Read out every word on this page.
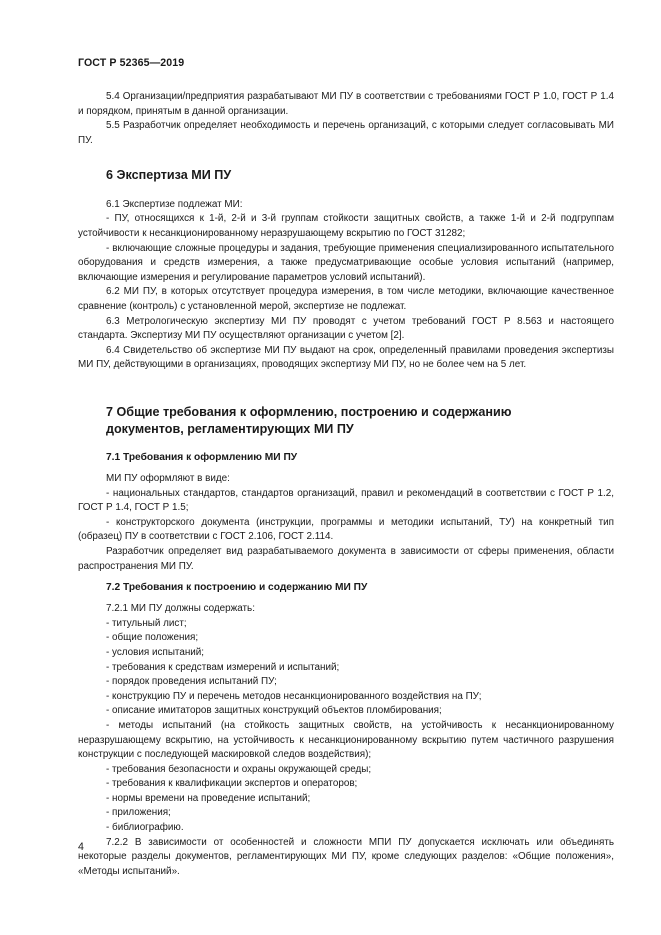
ГОСТ Р 52365—2019

5.4 Организации/предприятия разрабатывают МИ ПУ в соответствии с требованиями ГОСТ Р 1.0, ГОСТ Р 1.4 и порядком, принятым в данной организации.

5.5 Разработчик определяет необходимость и перечень организаций, с которыми следует согласовывать МИ ПУ.

6 Экспертиза МИ ПУ

6.1 Экспертизе подлежат МИ:

- ПУ, относящихся к 1-й, 2-й и 3-й группам стойкости защитных свойств, а также 1-й и 2-й подгруппам устойчивости к несанкционированному неразрушающему вскрытию по ГОСТ 31282;

- включающие сложные процедуры и задания, требующие применения специализированного испытательного оборудования и средств измерения, а также предусматривающие особые условия испытаний (например, включающие измерения и регулирование параметров условий испытаний).

6.2 МИ ПУ, в которых отсутствует процедура измерения, в том числе методики, включающие качественное сравнение (контроль) с установленной мерой, экспертизе не подлежат.

6.3 Метрологическую экспертизу МИ ПУ проводят с учетом требований ГОСТ Р 8.563 и настоящего стандарта. Экспертизу МИ ПУ осуществляют организации с учетом [2].

6.4 Свидетельство об экспертизе МИ ПУ выдают на срок, определенный правилами проведения экспертизы МИ ПУ, действующими в организациях, проводящих экспертизу МИ ПУ, но не более чем на 5 лет.

7 Общие требования к оформлению, построению и содержанию
документов, регламентирующих МИ ПУ
7.1 Требования к оформлению МИ ПУ

МИ ПУ оформляют в виде:

- национальных стандартов, стандартов организаций, правил и рекомендаций в соответствии с ГОСТ Р 1.2, ГОСТ Р 1.4, ГОСТ Р 1.5;

- конструкторского документа (инструкции, программы и методики испытаний, ТУ) на конкретный тип (образец) ПУ в соответствии с ГОСТ 2.106, ГОСТ 2.114.

Разработчик определяет вид разрабатываемого документа в зависимости от сферы применения, области распространения МИ ПУ.

7.2 Требования к построению и содержанию МИ ПУ

7.2.1 МИ ПУ должны содержать:

- титульный лист;

- общие положения;

- условия испытаний;

- требования к средствам измерений и испытаний;

- порядок проведения испытаний ПУ;

- конструкцию ПУ и перечень методов несанкционированного воздействия на ПУ;

- описание имитаторов защитных конструкций объектов пломбирования;

- методы испытаний (на стойкость защитных свойств, на устойчивость к несанкционированному неразрушающему вскрытию, на устойчивость к несанкционированному вскрытию путем частичного разрушения конструкции с последующей маскировкой следов воздействия);

- требования безопасности и охраны окружающей среды;

- требования к квалификации экспертов и операторов;

- нормы времени на проведение испытаний;

- приложения;

- библиографию.

7.2.2 В зависимости от особенностей и сложности МПИ ПУ допускается исключать или объединять некоторые разделы документов, регламентирующих МИ ПУ, кроме следующих разделов: «Общие положения», «Методы испытаний».

4
